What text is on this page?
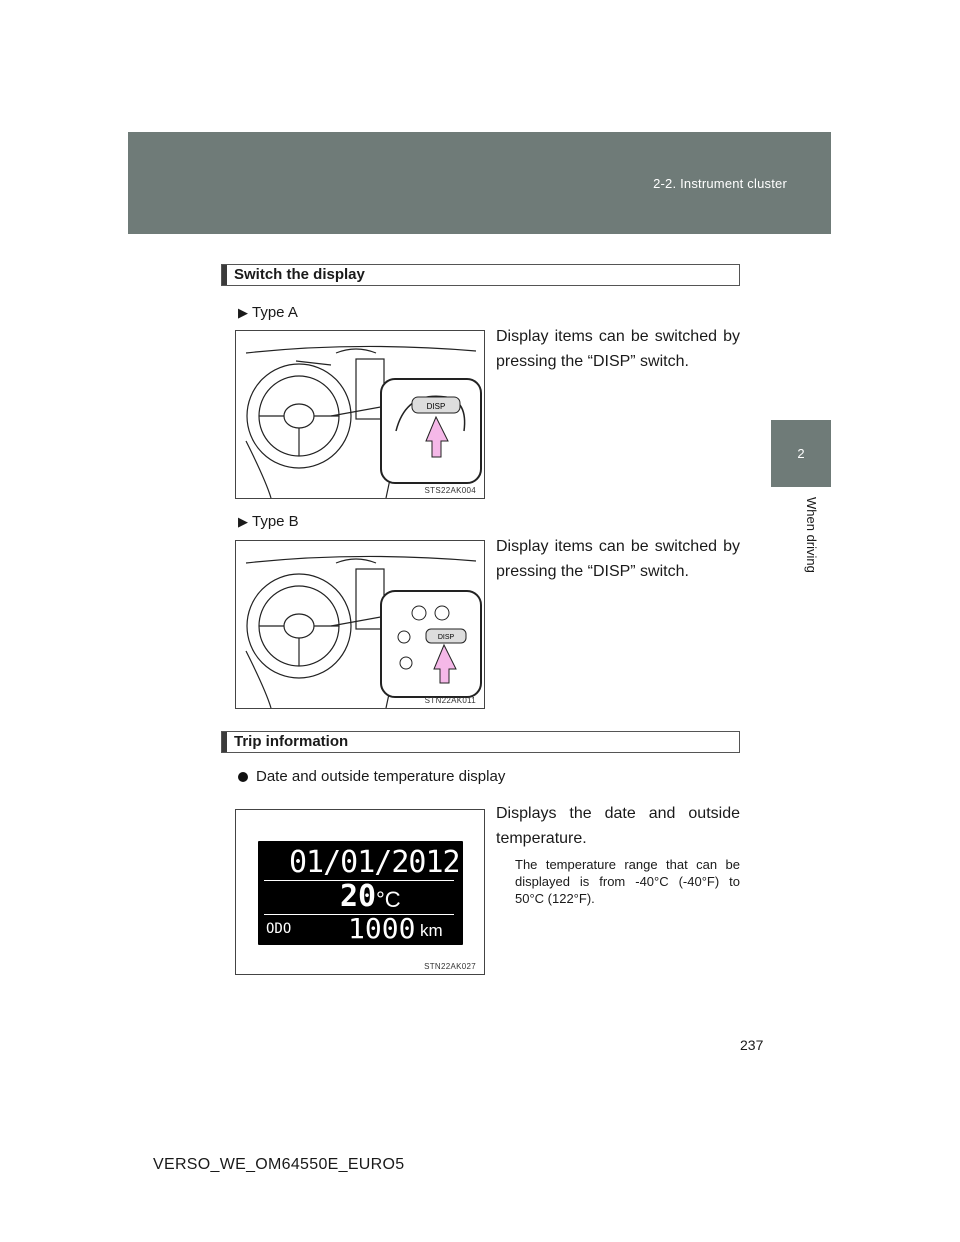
2-2. Instrument cluster
2
When driving
Switch the display
▶ Type A
Display items can be switched by pressing the “DISP” switch.
DISP
STS22AK004
▶ Type B
Display items can be switched by pressing the “DISP” switch.
DISP
STN22AK011
Trip information
Date and outside temperature display
Displays the date and outside temperature.
The temperature range that can be displayed is from -40°C (-40°F) to 50°C (122°F).
01/01/2012
20 °C
ODO 1000 km
STN22AK027
237
VERSO_WE_OM64550E_EURO5
